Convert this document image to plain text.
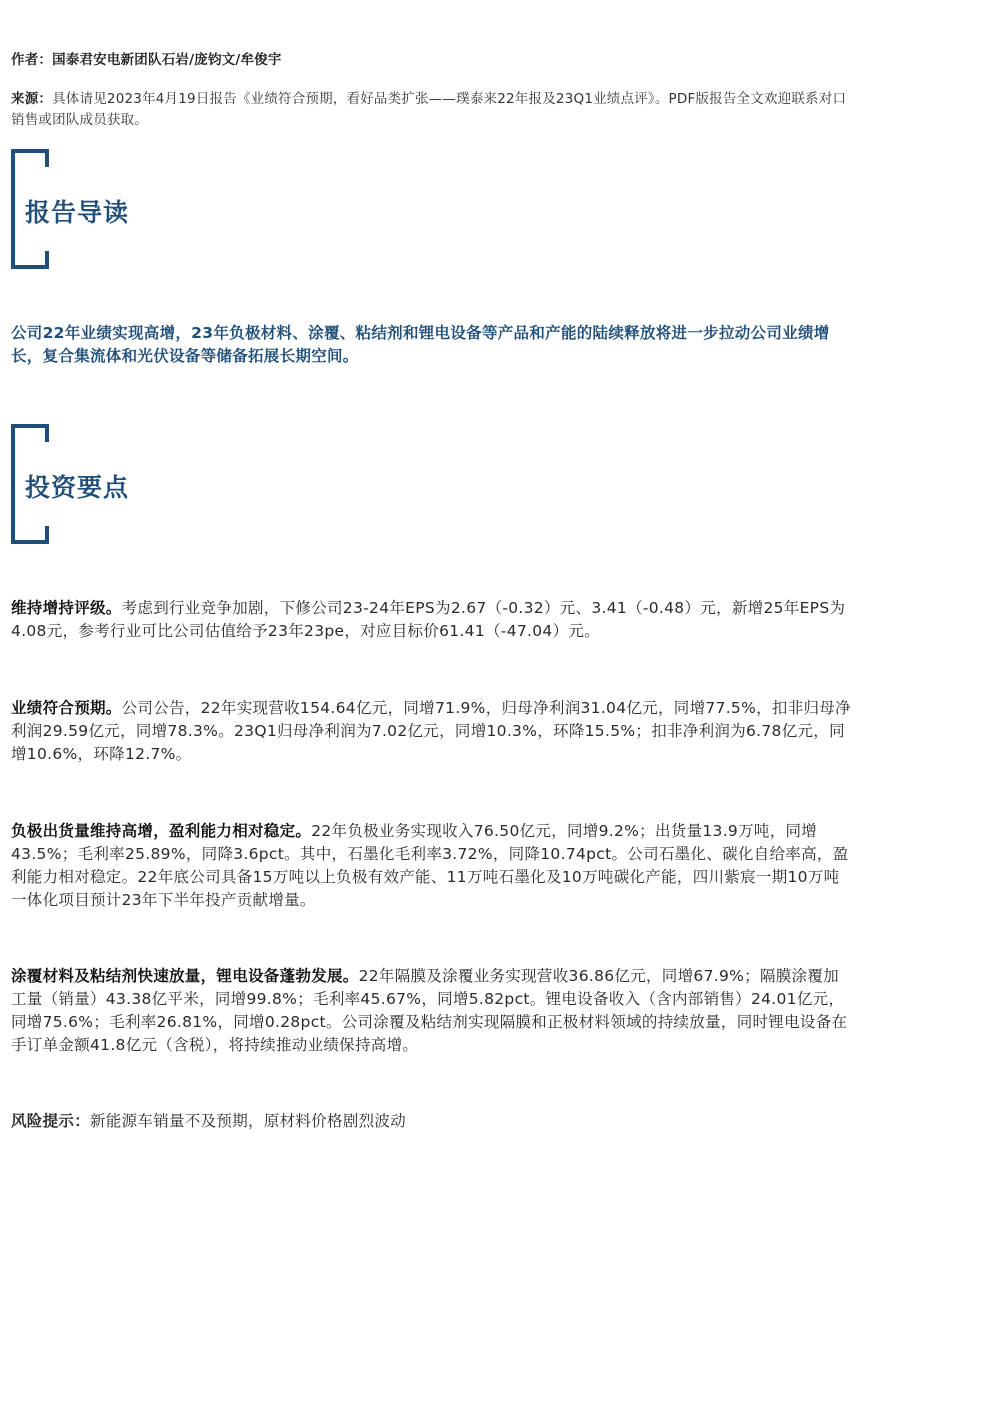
作者：国泰君安电新团队石岩/庞钧文/牟俊宇
来源：具体请见2023年4月19日报告《业绩符合预期，看好品类扩张——璞泰来22年报及23Q1业绩点评》。PDF版报告全文欢迎联系对口
销售或团队成员获取。
报告导读
公司22年业绩实现高增，23年负极材料、涂覆、粘结剂和锂电设备等产品和产能的陆续释放将进一步拉动公司业绩增
长，复合集流体和光伏设备等储备拓展长期空间。
投资要点
维持增持评级。考虑到行业竞争加剧，下修公司23-24年EPS为2.67（-0.32）元、3.41（-0.48）元，新增25年EPS为
4.08元，参考行业可比公司估值给予23年23pe，对应目标价61.41（-47.04）元。
业绩符合预期。公司公告，22年实现营收154.64亿元，同增71.9%，归母净利润31.04亿元，同增77.5%，扣非归母净
利润29.59亿元，同增78.3%。23Q1归母净利润为7.02亿元，同增10.3%，环降15.5%；扣非净利润为6.78亿元，同
增10.6%，环降12.7%。
负极出货量维持高增，盈利能力相对稳定。22年负极业务实现收入76.50亿元，同增9.2%；出货量13.9万吨，同增
43.5%；毛利率25.89%，同降3.6pct。其中，石墨化毛利率3.72%，同降10.74pct。公司石墨化、碳化自给率高，盈
利能力相对稳定。22年底公司具备15万吨以上负极有效产能、11万吨石墨化及10万吨碳化产能，四川紫宸一期10万吨
一体化项目预计23年下半年投产贡献增量。
涂覆材料及粘结剂快速放量，锂电设备蓬勃发展。22年隔膜及涂覆业务实现营收36.86亿元，同增67.9%；隔膜涂覆加
工量（销量）43.38亿平米，同增99.8%；毛利率45.67%，同增5.82pct。锂电设备收入（含内部销售）24.01亿元，
同增75.6%；毛利率26.81%，同增0.28pct。公司涂覆及粘结剂实现隔膜和正极材料领域的持续放量，同时锂电设备在
手订单金额41.8亿元（含税），将持续推动业绩保持高增。
风险提示：新能源车销量不及预期，原材料价格剧烈波动
